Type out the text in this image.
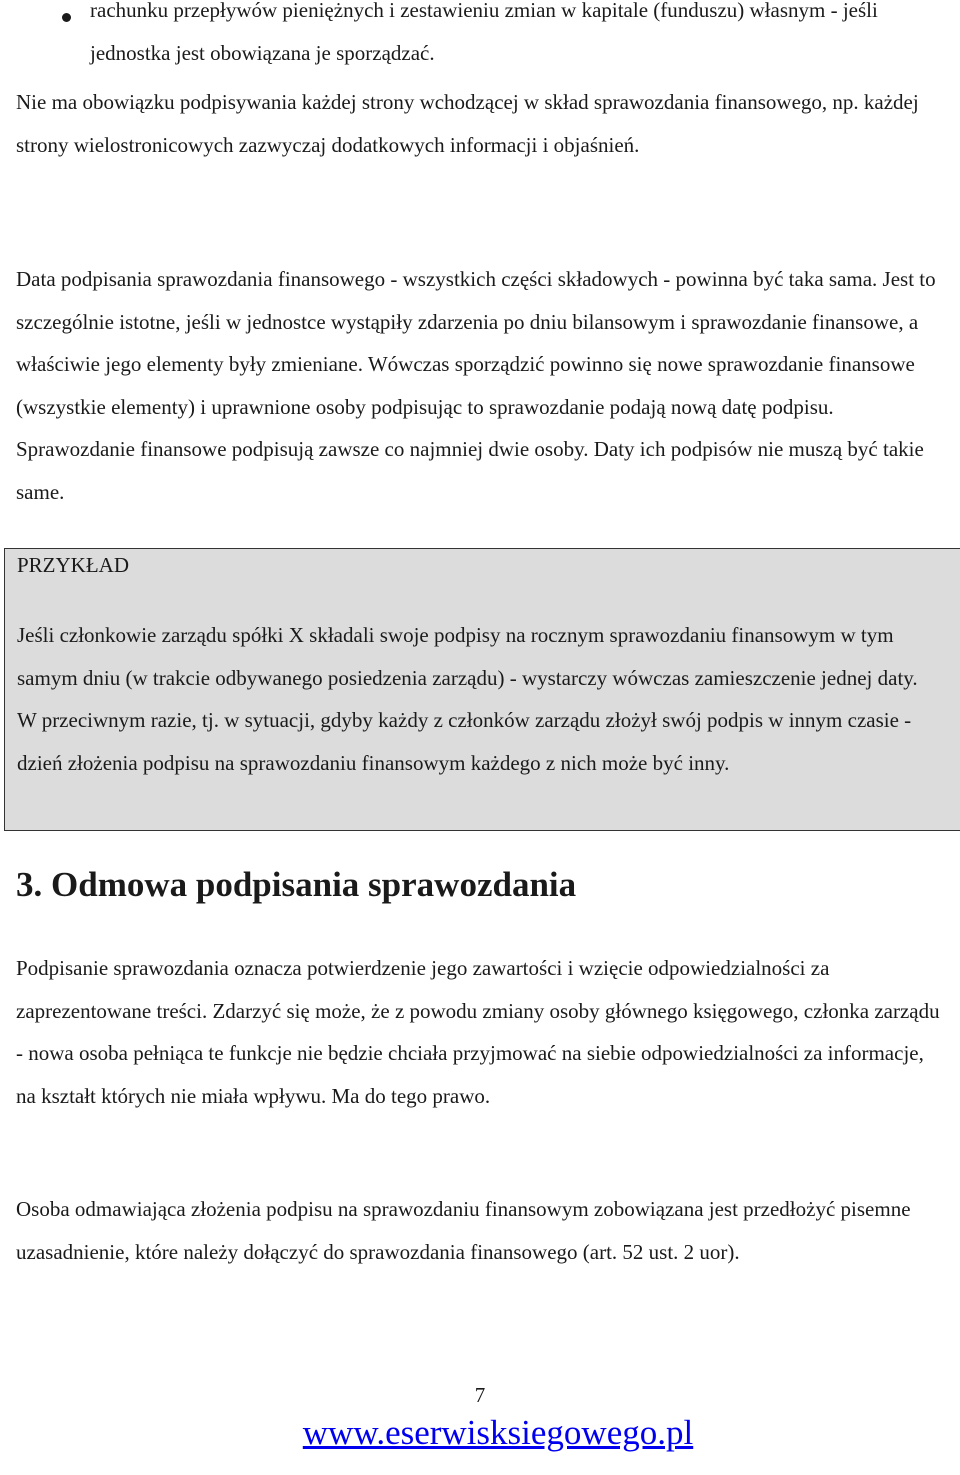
rachunku przepływów pieniężnych i zestawieniu zmian w kapitale (funduszu) własnym - jeśli jednostka jest obowiązana je sporządzać.

Nie ma obowiązku podpisywania każdej strony wchodzącej w skład sprawozdania finansowego, np. każdej strony wielostronicowych zazwyczaj dodatkowych informacji i objaśnień.

Data podpisania sprawozdania finansowego - wszystkich części składowych - powinna być taka sama. Jest to szczególnie istotne, jeśli w jednostce wystąpiły zdarzenia po dniu bilansowym i sprawozdanie finansowe, a właściwie jego elementy były zmieniane. Wówczas sporządzić powinno się nowe sprawozdanie finansowe (wszystkie elementy) i uprawnione osoby podpisując to sprawozdanie podają nową datę podpisu. Sprawozdanie finansowe podpisują zawsze co najmniej dwie osoby. Daty ich podpisów nie muszą być takie same.

PRZYKŁAD

Jeśli członkowie zarządu spółki X składali swoje podpisy na rocznym sprawozdaniu finansowym w tym samym dniu (w trakcie odbywanego posiedzenia zarządu) - wystarczy wówczas zamieszczenie jednej daty. W przeciwnym razie, tj. w sytuacji, gdyby każdy z członków zarządu złożył swój podpis w innym czasie - dzień złożenia podpisu na sprawozdaniu finansowym każdego z nich może być inny.

3. Odmowa podpisania sprawozdania

Podpisanie sprawozdania oznacza potwierdzenie jego zawartości i wzięcie odpowiedzialności za zaprezentowane treści. Zdarzyć się może, że z powodu zmiany osoby głównego księgowego, członka zarządu - nowa osoba pełniąca te funkcje nie będzie chciała przyjmować na siebie odpowiedzialności za informacje, na kształt których nie miała wpływu. Ma do tego prawo.

Osoba odmawiająca złożenia podpisu na sprawozdaniu finansowym zobowiązana jest przedłożyć pisemne uzasadnienie, które należy dołączyć do sprawozdania finansowego (art. 52 ust. 2 uor).

7

www.eserwisksiegowego.pl
